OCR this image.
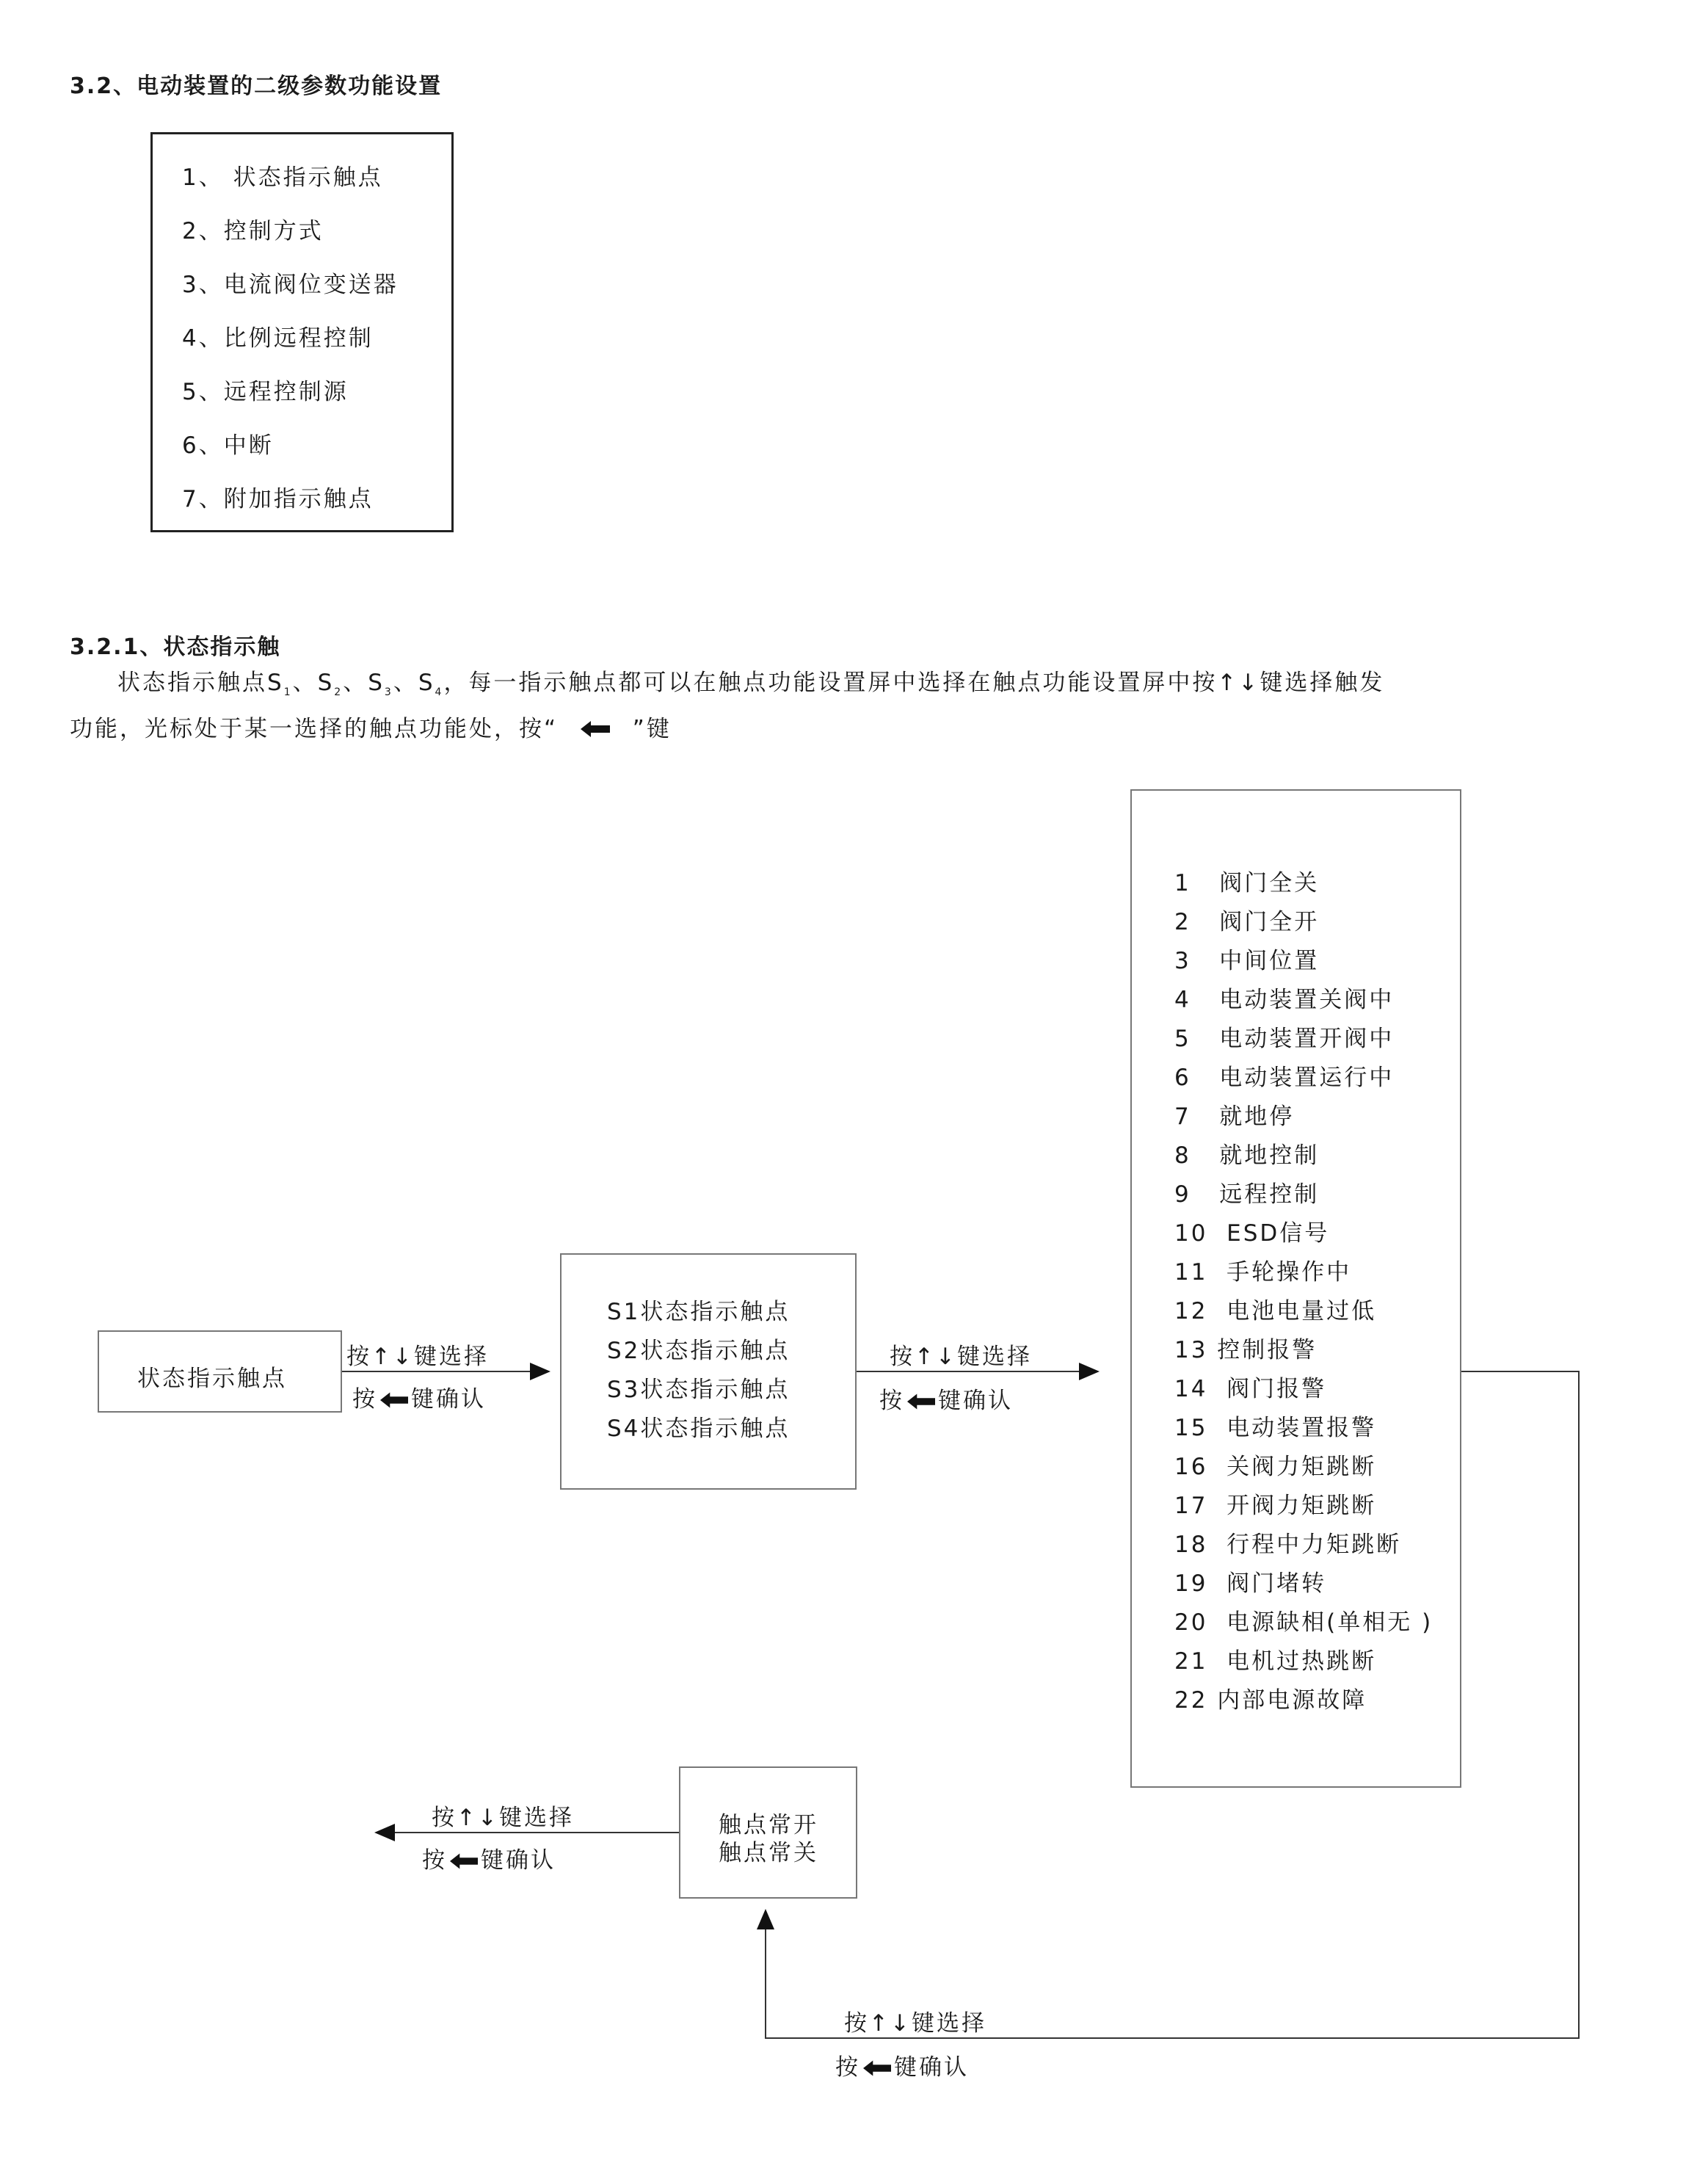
3.2、电动装置的二级参数功能设置
1、 状态指示触点
2、控制方式
3、电流阀位变送器
4、比例远程控制
5、远程控制源
6、中断
7、附加指示触点
3.2.1、状态指示触
状态指示触点$S_1$、$S_2$、$S_3$、$S_4$，每一指示触点都可以在触点功能设置屏中选择在触点功能设置屏中按↑↓键选择触发
功能，光标处于某一选择的触点功能处，按“	”键
状态指示触点
按↑↓键选择
按 键确认
S1状态指示触点
S2状态指示触点
S3状态指示触点
S4状态指示触点
按↑↓键选择
按 键确认
1   阀门全关
2   阀门全开
3   中间位置
4   电动装置关阀中
5   电动装置开阀中
6   电动装置运行中
7   就地停
8   就地控制
9   远程控制
10  ESD信号
11  手轮操作中
12  电池电量过低
13 控制报警
14  阀门报警
15  电动装置报警
16  关阀力矩跳断
17  开阀力矩跳断
18  行程中力矩跳断
19  阀门堵转
20  电源缺相(单相无 )
21  电机过热跳断
22 内部电源故障
按↑↓键选择
按 键确认
触点常开
触点常关
按↑↓键选择
按 键确认
